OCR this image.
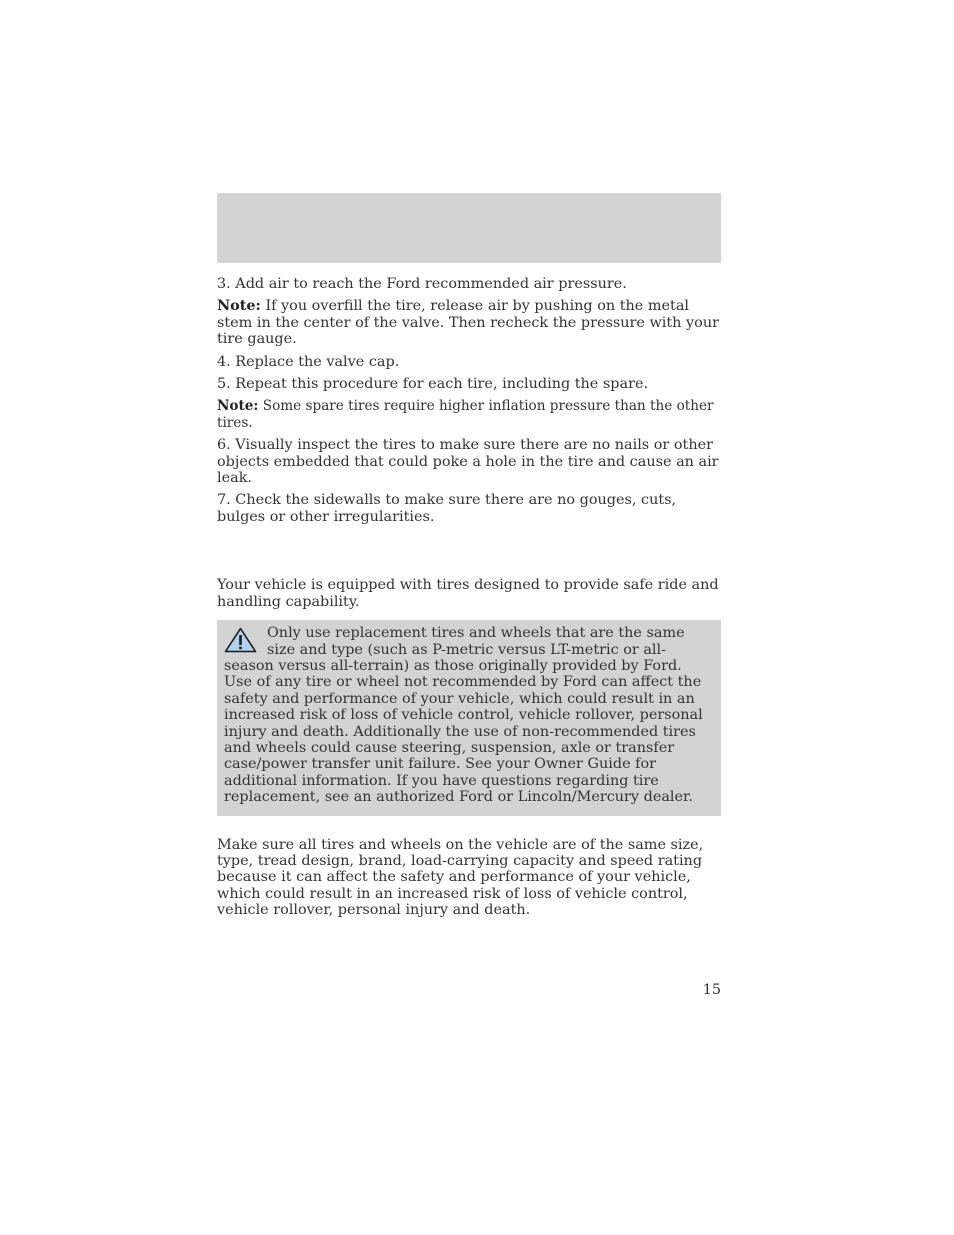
3. Add air to reach the Ford recommended air pressure.

Note: If you overfill the tire, release air by pushing on the metal stem in the center of the valve. Then recheck the pressure with your tire gauge.

4. Replace the valve cap.

5. Repeat this procedure for each tire, including the spare.

Note: Some spare tires require higher inflation pressure than the other tires.

6. Visually inspect the tires to make sure there are no nails or other objects embedded that could poke a hole in the tire and cause an air leak.

7. Check the sidewalls to make sure there are no gouges, cuts, bulges or other irregularities.

Your vehicle is equipped with tires designed to provide safe ride and handling capability.

Only use replacement tires and wheels that are the same size and type (such as P-metric versus LT-metric or all-season versus all-terrain) as those originally provided by Ford. Use of any tire or wheel not recommended by Ford can affect the safety and performance of your vehicle, which could result in an increased risk of loss of vehicle control, vehicle rollover, personal injury and death. Additionally the use of non-recommended tires and wheels could cause steering, suspension, axle or transfer case/power transfer unit failure. See your Owner Guide for additional information. If you have questions regarding tire replacement, see an authorized Ford or Lincoln/Mercury dealer.

Make sure all tires and wheels on the vehicle are of the same size, type, tread design, brand, load-carrying capacity and speed rating because it can affect the safety and performance of your vehicle, which could result in an increased risk of loss of vehicle control, vehicle rollover, personal injury and death.

15
